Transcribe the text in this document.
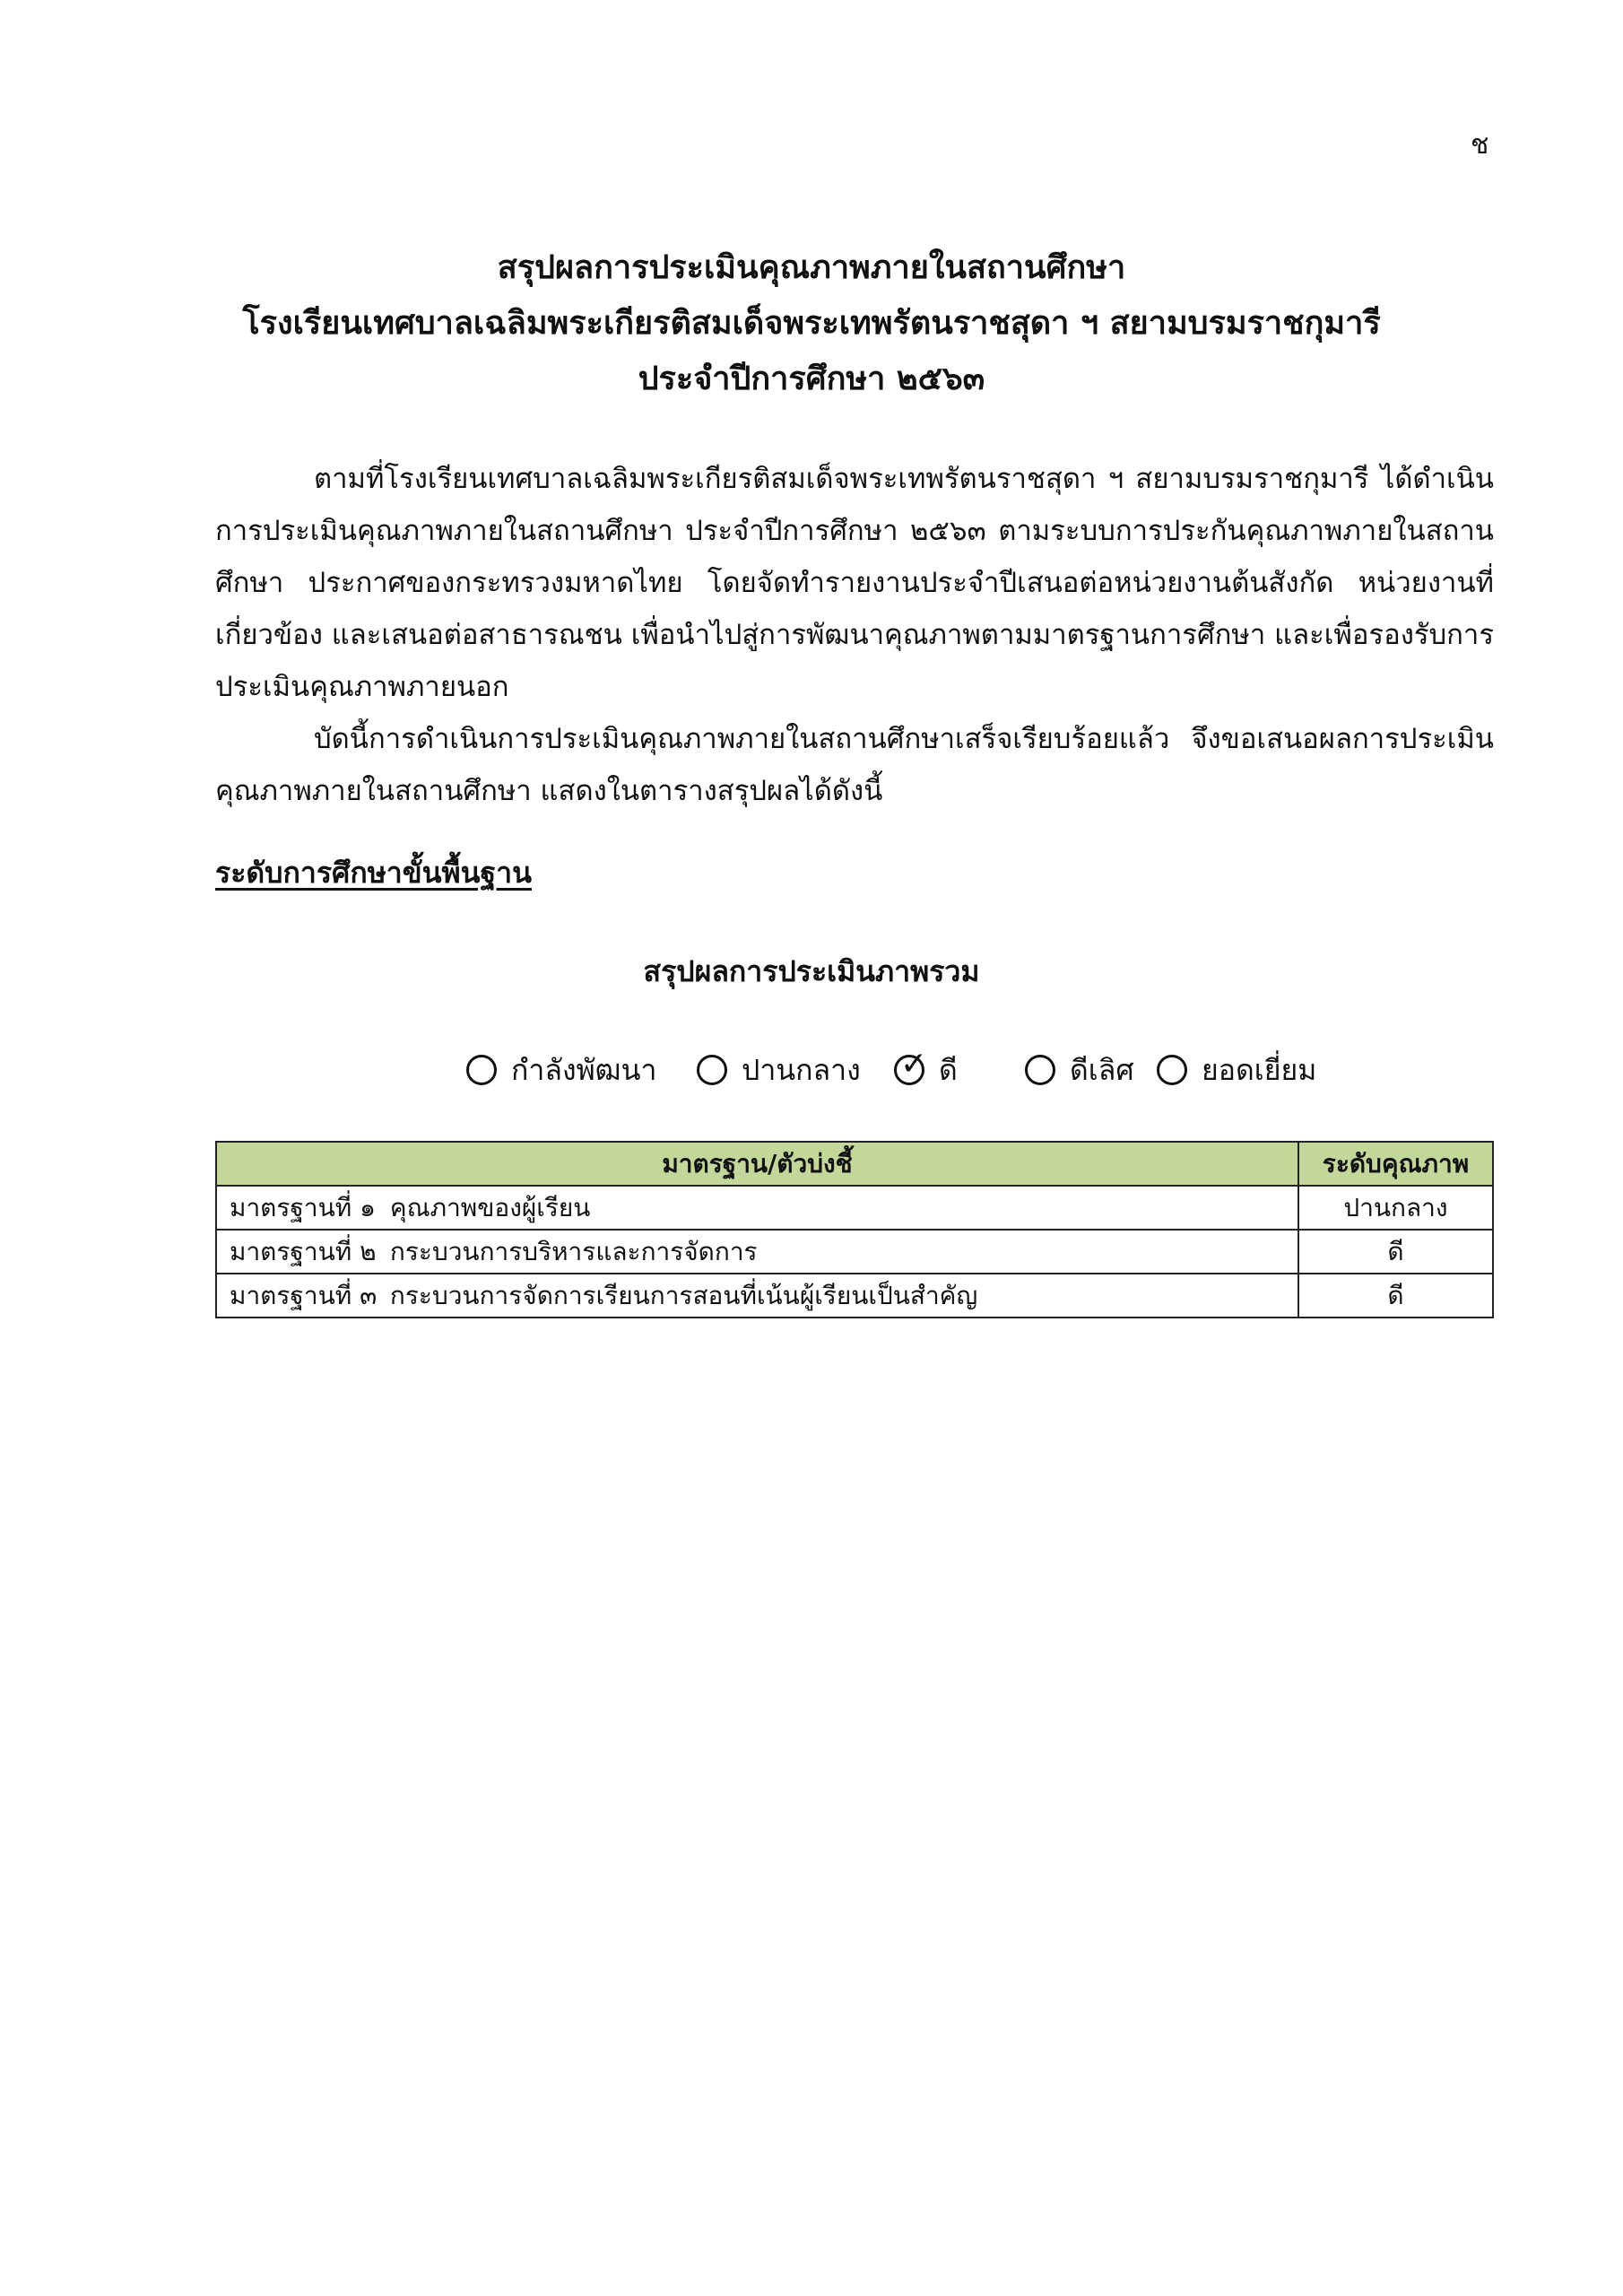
ช
สรุปผลการประเมินคุณภาพภายในสถานศึกษา
โรงเรียนเทศบาลเฉลิมพระเกียรติสมเด็จพระเทพรัตนราชสุดา ฯ สยามบรมราชกุมารี
ประจำปีการศึกษา ๒๕๖๓

ตามที่โรงเรียนเทศบาลเฉลิมพระเกียรติสมเด็จพระเทพรัตนราชสุดา ฯ สยามบรมราชกุมารี ได้ดำเนินการประเมินคุณภาพภายในสถานศึกษา ประจำปีการศึกษา ๒๕๖๓ ตามระบบการประกันคุณภาพภายในสถานศึกษา ประกาศของกระทรวงมหาดไทย โดยจัดทำรายงานประจำปีเสนอต่อหน่วยงานต้นสังกัด หน่วยงานที่เกี่ยวข้อง และเสนอต่อสาธารณชน เพื่อนำไปสู่การพัฒนาคุณภาพตามมาตรฐานการศึกษา และเพื่อรองรับการประเมินคุณภาพภายนอก

บัดนี้การดำเนินการประเมินคุณภาพภายในสถานศึกษาเสร็จเรียบร้อยแล้ว จึงขอเสนอผลการประเมินคุณภาพภายในสถานศึกษา แสดงในตารางสรุปผลได้ดังนี้

ระดับการศึกษาขั้นพื้นฐาน
สรุปผลการประเมินภาพรวม
กำลังพัฒนา	ปานกลาง ✓ ดี	ดีเลิศ ยอดเยี่ยม
มาตรฐาน/ตัวบ่งชี้	ระดับคุณภาพ
มาตรฐานที่ ๑ คุณภาพของผู้เรียน	ปานกลาง
มาตรฐานที่ ๒ กระบวนการบริหารและการจัดการ	ดี
มาตรฐานที่ ๓ กระบวนการจัดการเรียนการสอนที่เน้นผู้เรียนเป็นสำคัญ	ดี
